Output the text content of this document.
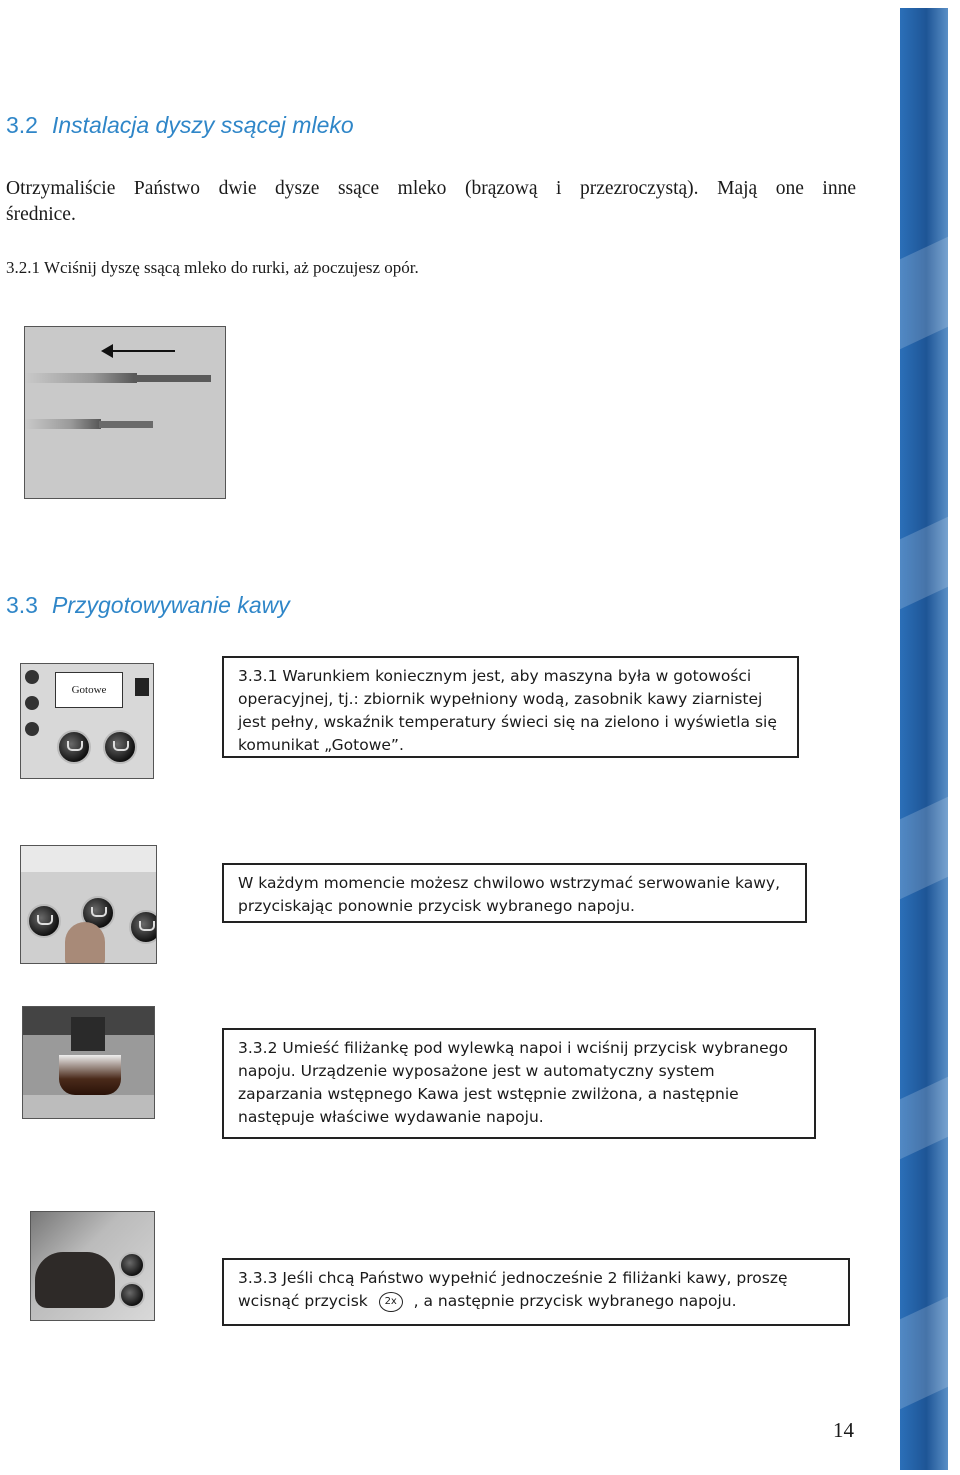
3.2 Instalacja dyszy ssącej mleko
Otrzymaliście Państwo dwie dysze ssące mleko (brązową i przezroczystą). Mają one inne
średnice.
3.2.1 Wciśnij dyszę ssącą mleko do rurki, aż poczujesz opór.
3.3 Przygotowywanie kawy
Gotowe
3.3.1 Warunkiem koniecznym jest, aby maszyna była w gotowości operacyjnej, tj.: zbiornik wypełniony wodą, zasobnik kawy ziarnistej jest pełny, wskaźnik temperatury świeci się na zielono i wyświetla się komunikat „Gotowe”.
W każdym momencie możesz chwilowo wstrzymać serwowanie kawy, przyciskając ponownie przycisk wybranego napoju.
3.3.2 Umieść filiżankę pod wylewką napoi i wciśnij przycisk wybranego napoju. Urządzenie wyposażone jest w automatyczny system zaparzania wstępnego Kawa jest wstępnie zwilżona, a następnie następuje właściwe wydawanie napoju.
3.3.3 Jeśli chcą Państwo wypełnić jednocześnie 2 filiżanki kawy, proszę wcisnąć przycisk 2x , a następnie przycisk wybranego napoju.
14
